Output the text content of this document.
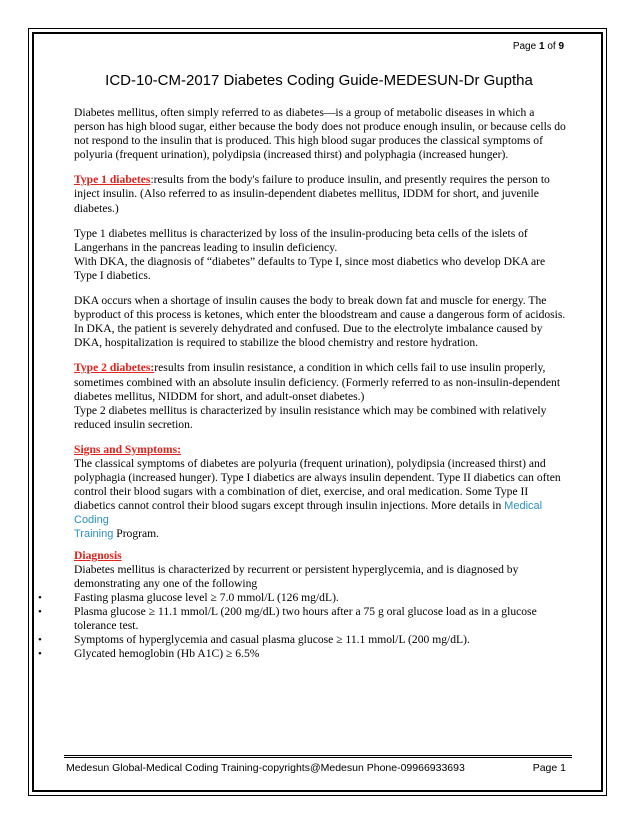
Page 1 of 9
ICD-10-CM-2017 Diabetes Coding Guide-MEDESUN-Dr Guptha

Diabetes mellitus, often simply referred to as diabetes—is a group of metabolic diseases in which a person has high blood sugar, either because the body does not produce enough insulin, or because cells do not respond to the insulin that is produced. This high blood sugar produces the classical symptoms of polyuria (frequent urination), polydipsia (increased thirst) and polyphagia (increased hunger).

Type 1 diabetes:results from the body's failure to produce insulin, and presently requires the person to inject insulin. (Also referred to as insulin-dependent diabetes mellitus, IDDM for short, and juvenile diabetes.)

Type 1 diabetes mellitus is characterized by loss of the insulin-producing beta cells of the islets of Langerhans in the pancreas leading to insulin deficiency.
With DKA, the diagnosis of “diabetes” defaults to Type I, since most diabetics who develop DKA are Type I diabetics.

DKA occurs when a shortage of insulin causes the body to break down fat and muscle for energy. The byproduct of this process is ketones, which enter the bloodstream and cause a dangerous form of acidosis. In DKA, the patient is severely dehydrated and confused. Due to the electrolyte imbalance caused by DKA, hospitalization is required to stabilize the blood chemistry and restore hydration.

Type 2 diabetes:results from insulin resistance, a condition in which cells fail to use insulin properly, sometimes combined with an absolute insulin deficiency. (Formerly referred to as non-insulin-dependent diabetes mellitus, NIDDM for short, and adult-onset diabetes.)
Type 2 diabetes mellitus is characterized by insulin resistance which may be combined with relatively reduced insulin secretion.

Signs and Symptoms:
The classical symptoms of diabetes are polyuria (frequent urination), polydipsia (increased thirst) and polyphagia (increased hunger). Type I diabetics are always insulin dependent. Type II diabetics can often control their blood sugars with a combination of diet, exercise, and oral medication. Some Type II diabetics cannot control their blood sugars except through insulin injections. More details in Medical Coding
Training Program.

Diagnosis
Diabetes mellitus is characterized by recurrent or persistent hyperglycemia, and is diagnosed by demonstrating any one of the following

•	Fasting plasma glucose level ≥ 7.0 mmol/L (126 mg/dL).
•	Plasma glucose ≥ 11.1 mmol/L (200 mg/dL) two hours after a 75 g oral glucose load as in a glucose tolerance test.
•	Symptoms of hyperglycemia and casual plasma glucose ≥ 11.1 mmol/L (200 mg/dL).
•	Glycated hemoglobin (Hb A1C) ≥ 6.5%
Medesun Global-Medical Coding Training-copyrights@Medesun Phone-09966933693	Page 1
